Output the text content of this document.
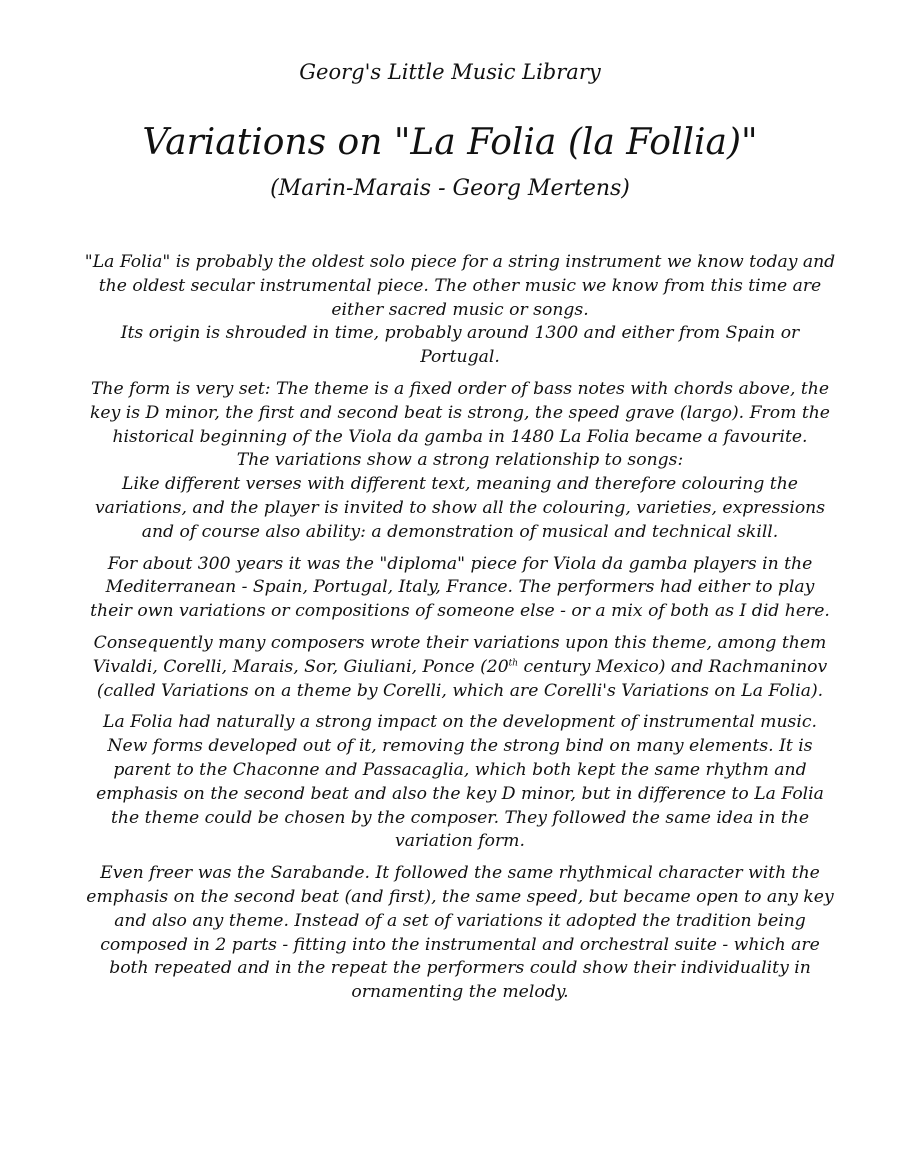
Georg's Little Music Library
Variations on "La Folia (la Follia)"
(Marin-Marais - Georg Mertens)

"La Folia" is probably the oldest solo piece for a string instrument we know today and the oldest secular instrumental piece. The other music we know from this time are either sacred music or songs.
Its origin is shrouded in time, probably around 1300 and either from Spain or Portugal.

The form is very set: The theme is a fixed order of bass notes with chords above, the key is D minor, the first and second beat is strong, the speed grave (largo). From the historical beginning of the Viola da gamba in 1480 La Folia became a favourite.
The variations show a strong relationship to songs:
Like different verses with different text, meaning and therefore colouring the variations, and the player is invited to show all the colouring, varieties, expressions and of course also ability: a demonstration of musical and technical skill.

For about 300 years it was the "diploma" piece for Viola da gamba players in the Mediterranean - Spain, Portugal, Italy, France. The performers had either to play their own variations or compositions of someone else - or a mix of both as I did here.

Consequently many composers wrote their variations upon this theme, among them Vivaldi, Corelli, Marais, Sor, Giuliani, Ponce (20th century Mexico) and Rachmaninov (called Variations on a theme by Corelli, which are Corelli's Variations on La Folia).

La Folia had naturally a strong impact on the development of instrumental music. New forms developed out of it, removing the strong bind on many elements. It is parent to the Chaconne and Passacaglia, which both kept the same rhythm and emphasis on the second beat and also the key D minor, but in difference to La Folia the theme could be chosen by the composer. They followed the same idea in the variation form.

Even freer was the Sarabande. It followed the same rhythmical character with the emphasis on the second beat (and first), the same speed, but became open to any key and also any theme. Instead of a set of variations it adopted the tradition being composed in 2 parts - fitting into the instrumental and orchestral suite - which are both repeated and in the repeat the performers could show their individuality in ornamenting the melody.
